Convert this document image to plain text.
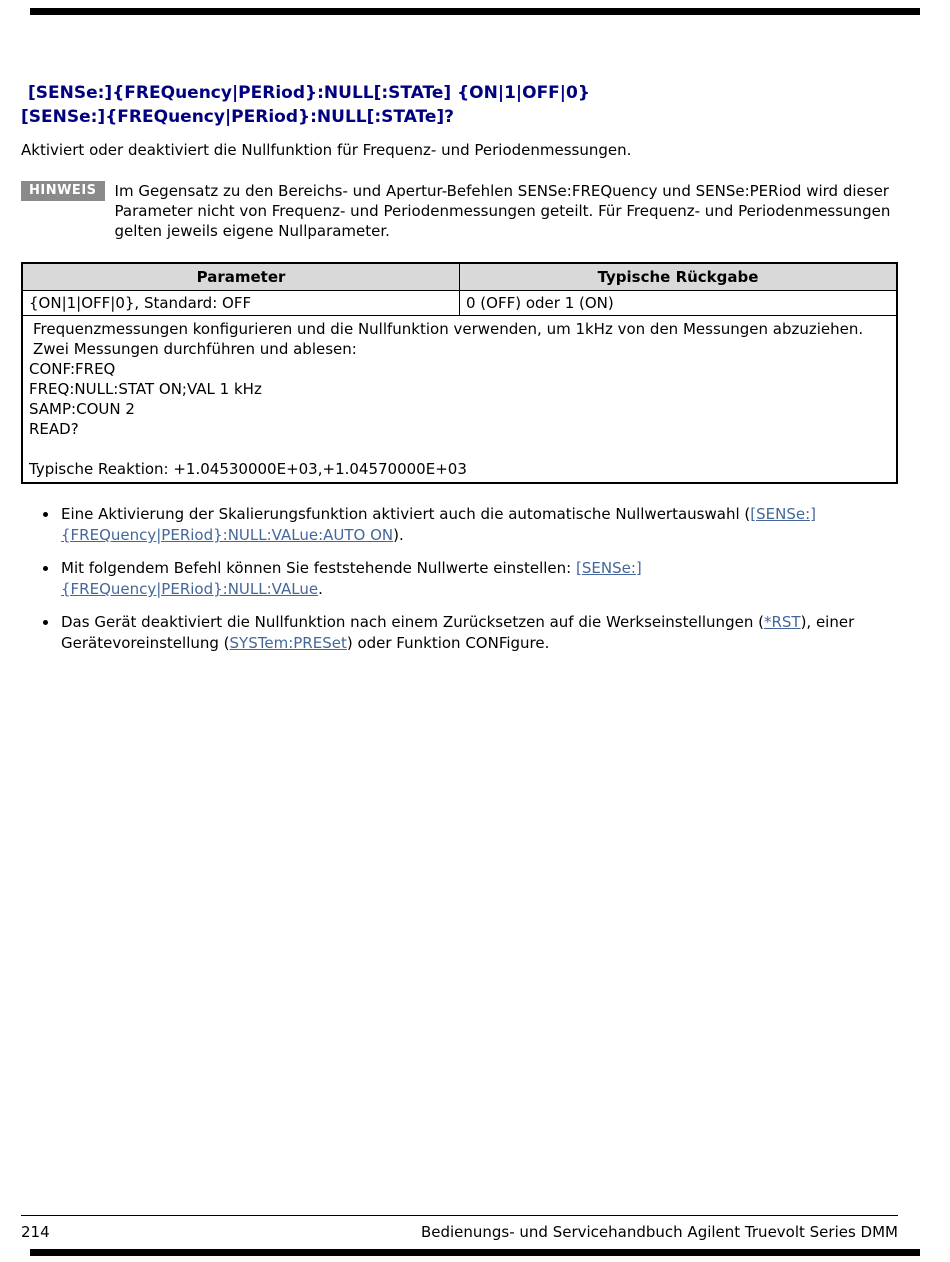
[SENSe:]{FREQuency|PERiod}:NULL[:STATe] {ON|1|OFF|0}
[SENSe:]{FREQuency|PERiod}:NULL[:STATe]?

Aktiviert oder deaktiviert die Nullfunktion für Frequenz- und Periodenmessungen.

HINWEIS	Im Gegensatz zu den Bereichs- und Apertur-Befehlen SENSe:FREQuency und SENSe:PERiod wird dieser Parameter nicht von Frequenz- und Periodenmessungen geteilt. Für Frequenz- und Periodenmessungen gelten jeweils eigene Nullparameter.
Parameter	Typische Rückgabe
{ON|1|OFF|0}, Standard: OFF	0 (OFF) oder 1 (ON)

Frequenzmessungen konfigurieren und die Nullfunktion verwenden, um 1kHz von den Messungen abzuziehen. Zwei Messungen durchführen und ablesen:
CONF:FREQ
FREQ:NULL:STAT ON;VAL 1 kHz
SAMP:COUN 2
READ?
Typische Reaktion: +1.04530000E+03,+1.04570000E+03
• Eine Aktivierung der Skalierungsfunktion aktiviert auch die automatische Nullwertauswahl ([SENSe:]{FREQuency|PERiod}:NULL:VALue:AUTO ON).
• Mit folgendem Befehl können Sie feststehende Nullwerte einstellen: [SENSe:]{FREQuency|PERiod}:NULL:VALue.
• Das Gerät deaktiviert die Nullfunktion nach einem Zurücksetzen auf die Werkseinstellungen (*RST), einer Gerätevoreinstellung (SYSTem:PRESet) oder Funktion CONFigure.
214	Bedienungs- und Servicehandbuch Agilent Truevolt Series DMM
